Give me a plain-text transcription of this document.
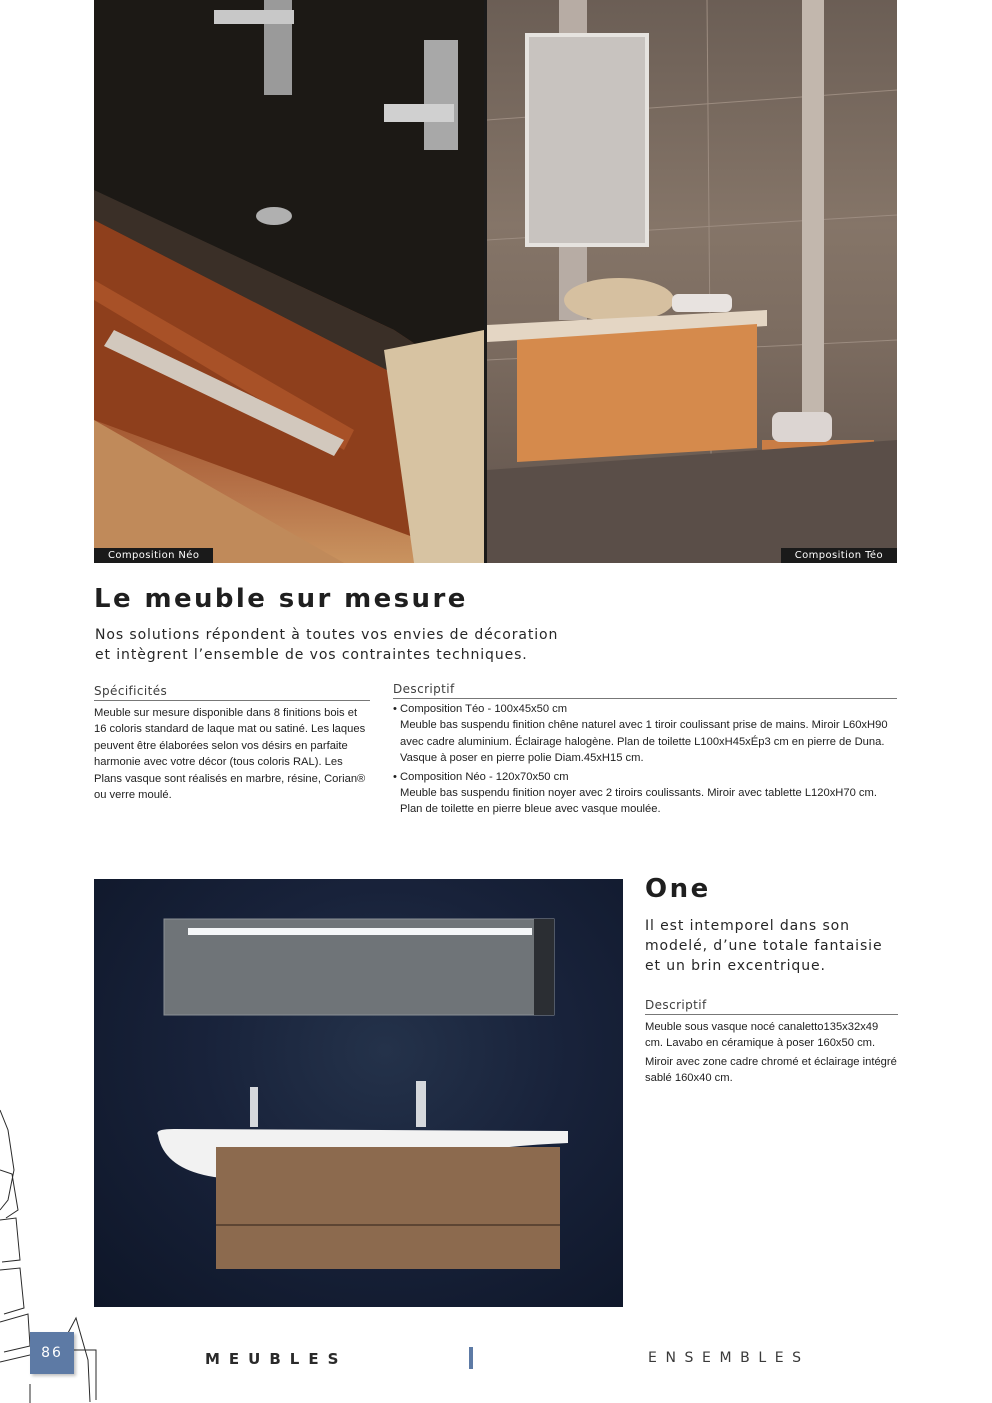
Composition Néo	Composition Téo
Le meuble sur mesure
Nos solutions répondent à toutes vos envies de décoration
et intègrent l’ensemble de vos contraintes techniques.
Spécificités
Meuble sur mesure disponible dans 8 finitions bois et 16 coloris standard de laque mat ou satiné. Les laques peuvent être élaborées selon vos désirs en parfaite harmonie avec votre décor (tous coloris RAL). Les Plans vasque sont réalisés en marbre, résine, Corian® ou verre moulé.
Descriptif

• Composition Téo - 100x45x50 cm
Meuble bas suspendu finition chêne naturel avec 1 tiroir coulissant prise de mains. Miroir L60xH90 avec cadre aluminium. Éclairage halogène. Plan de toilette L100xH45xÉp3 cm en pierre de Duna. Vasque à poser en pierre polie Diam.45xH15 cm.

• Composition Néo - 120x70x50 cm
Meuble bas suspendu finition noyer avec 2 tiroirs coulissants. Miroir avec tablette L120xH70 cm. Plan de toilette en pierre bleue avec vasque moulée.

One
Il est intemporel dans son
modelé, d’une totale fantaisie
et un brin excentrique.
Descriptif
Meuble sous vasque nocé canaletto135x32x49 cm. Lavabo en céramique à poser 160x50 cm.
Miroir avec zone cadre chromé et éclairage intégré sablé 160x40 cm.
86	MEUBLES	ENSEMBLES
